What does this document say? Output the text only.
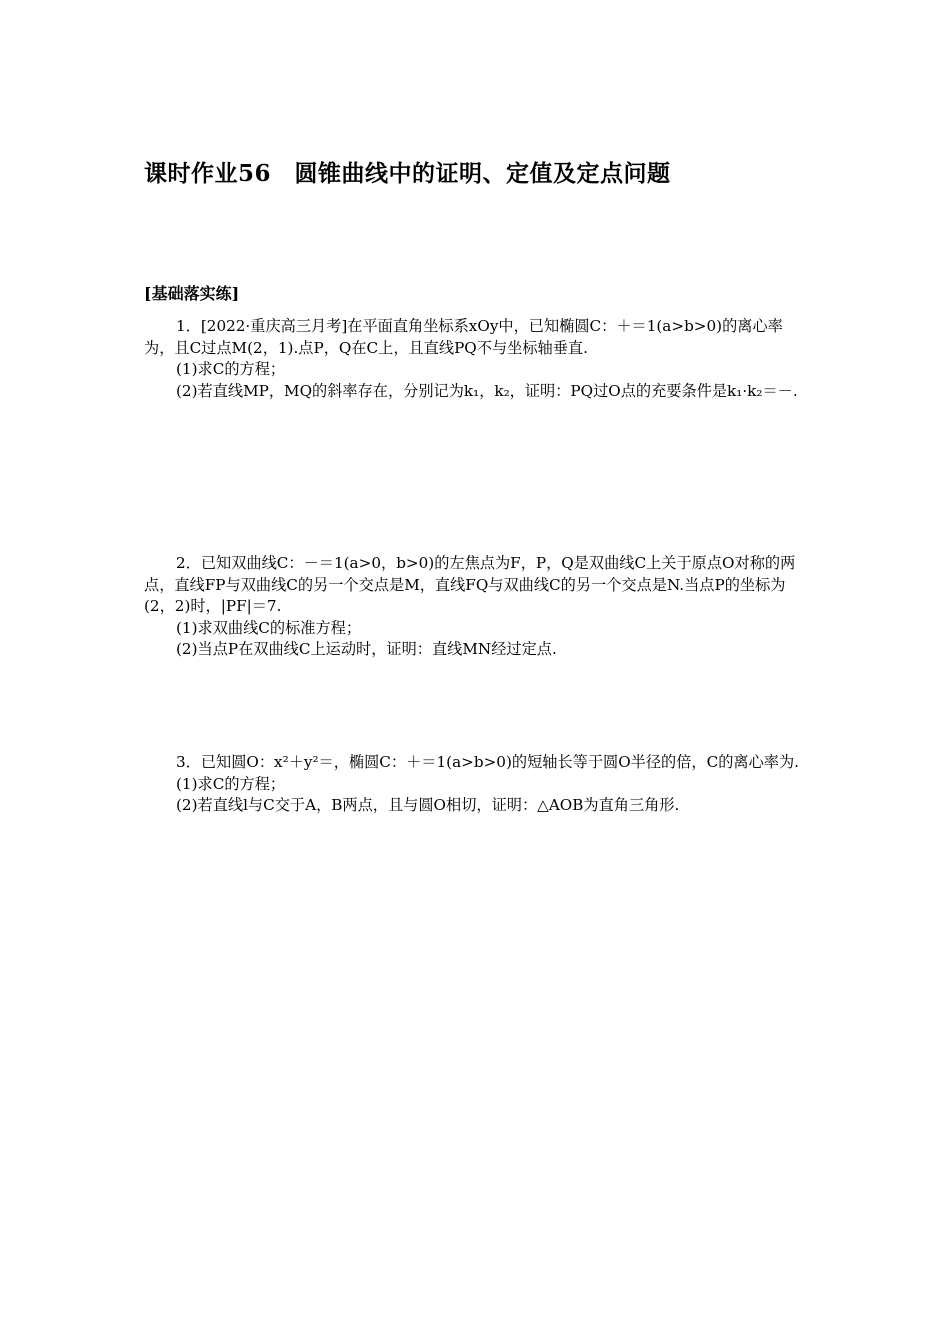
课时作业56　圆锥曲线中的证明、定值及定点问题
[基础落实练]

1．[2022·重庆高三月考]在平面直角坐标系xOy中，已知椭圆C：＋＝1(a>b>0)的离心率为，且C过点M(2，1).点P，Q在C上，且直线PQ不与坐标轴垂直.

(1)求C的方程；

(2)若直线MP，MQ的斜率存在，分别记为k₁，k₂，证明：PQ过O点的充要条件是k₁·k₂＝－.

2．已知双曲线C：－＝1(a>0，b>0)的左焦点为F，P，Q是双曲线C上关于原点O对称的两点，直线FP与双曲线C的另一个交点是M，直线FQ与双曲线C的另一个交点是N.当点P的坐标为(2，2)时，|PF|＝7.

(1)求双曲线C的标准方程；

(2)当点P在双曲线C上运动时，证明：直线MN经过定点.

3．已知圆O：x²＋y²＝，椭圆C：＋＝1(a>b>0)的短轴长等于圆O半径的倍，C的离心率为.

(1)求C的方程；

(2)若直线l与C交于A，B两点，且与圆O相切，证明：△AOB为直角三角形.
